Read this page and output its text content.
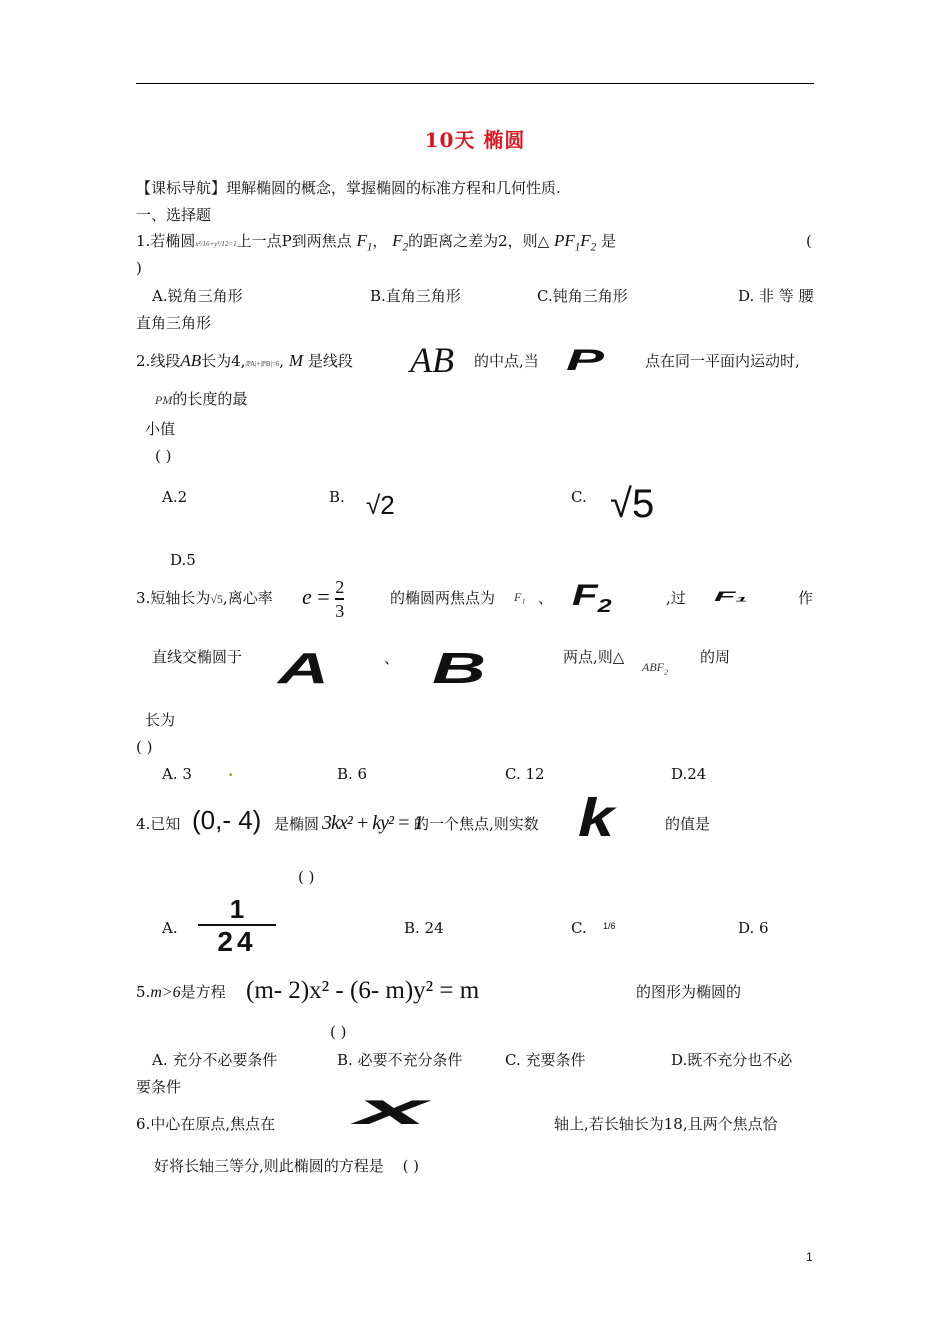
10天 椭圆
【课标导航】理解椭圆的概念，掌握椭圆的标准方程和几何性质.
一、选择题
1.若椭圆x²/16+y²/12=1上一点P到两焦点 $F_1$， $F_2$的距离之差为2，则△ $PF_1F_2$ 是	(
)
A.锐角三角形	B.直角三角形	C.钝角三角形	D. 非 等 腰
直角三角形
2.线段AB长为4,|PA|+|PB|=6, M 是线段 AB 的中点,当 P	点在同一平面内运动时,
PM的长度的最
小值
( )
A.2	B. √2	C. √5
D.5
3.短轴长为√5,离心率 $e = \frac{2}{3}$	的椭圆两焦点为 F₁ 、 $F_2$	,过 F₁	作
直线交椭圆于 A	、 B	两点,则△
$ABF_2$
的周
长为
( )
A. 3 .	B. 6	C. 12	D.24
4.已知 (0,- 4) 是椭圆 3kx² + ky² = 1
的一个焦点,则实数 k	的值是
( )
A. $\frac{1}{24}$	B. 24	C. 1/6	D. 6
5.m>6是方程 (m- 2)x² - (6- m)y² = m	的图形为椭圆的
( )
A. 充分不必要条件	B. 必要不充分条件	C. 充要条件	D.既不充分也不必
要条件
6.中心在原点,焦点在 x	轴上,若长轴长为18,且两个焦点恰
好将长轴三等分,则此椭圆的方程是 ( )
1
